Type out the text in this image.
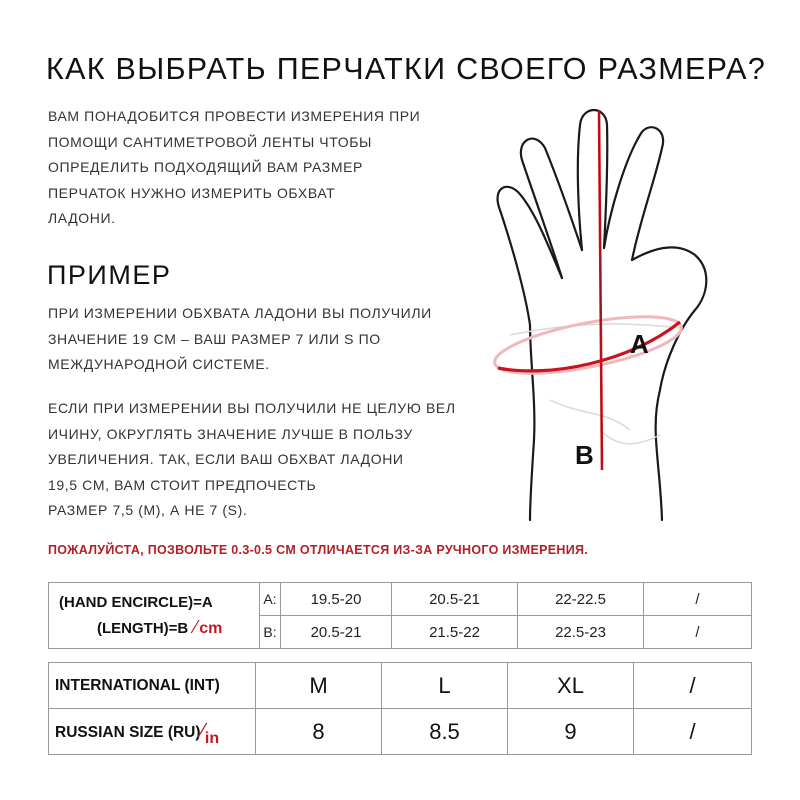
КАК ВЫБРАТЬ ПЕРЧАТКИ СВОЕГО РАЗМЕРА?
ВАМ ПОНАДОБИТСЯ ПРОВЕСТИ ИЗМЕРЕНИЯ ПРИ
ПОМОЩИ САНТИМЕТРОВОЙ ЛЕНТЫ ЧТОБЫ
ОПРЕДЕЛИТЬ ПОДХОДЯЩИЙ ВАМ РАЗМЕР
ПЕРЧАТОК НУЖНО ИЗМЕРИТЬ ОБХВАТ
ЛАДОНИ.
ПРИМЕР
ПРИ ИЗМЕРЕНИИ ОБХВАТА ЛАДОНИ ВЫ ПОЛУЧИЛИ
ЗНАЧЕНИЕ 19 CM – ВАШ РАЗМЕР 7 ИЛИ S ПО
МЕЖДУНАРОДНОЙ СИСТЕМЕ.
ЕСЛИ ПРИ ИЗМЕРЕНИИ ВЫ ПОЛУЧИЛИ НЕ ЦЕЛУЮ ВЕЛ
ИЧИНУ, ОКРУГЛЯТЬ ЗНАЧЕНИЕ ЛУЧШЕ В ПОЛЬЗУ
УВЕЛИЧЕНИЯ. ТАК, ЕСЛИ ВАШ ОБХВАТ ЛАДОНИ
19,5 CM, ВАМ СТОИТ ПРЕДПОЧЕСТЬ
РАЗМЕР 7,5 (M), А НЕ 7 (S).
A
B
ПОЖАЛУЙСТА, ПОЗВОЛЬТЕ 0.3-0.5 CM ОТЛИЧАЕТСЯ ИЗ-ЗА РУЧНОГО ИЗМЕРЕНИЯ.
(HAND ENCIRCLE)=A
(LENGTH)=B ⁄ cm	A:	19.5-20	20.5-21	22-22.5	/
	B:	20.5-21	21.5-22	22.5-23	/
INTERNATIONAL (INT)	M	L	XL	/
RUSSIAN SIZE (RU)⁄in	8	8.5	9	/
